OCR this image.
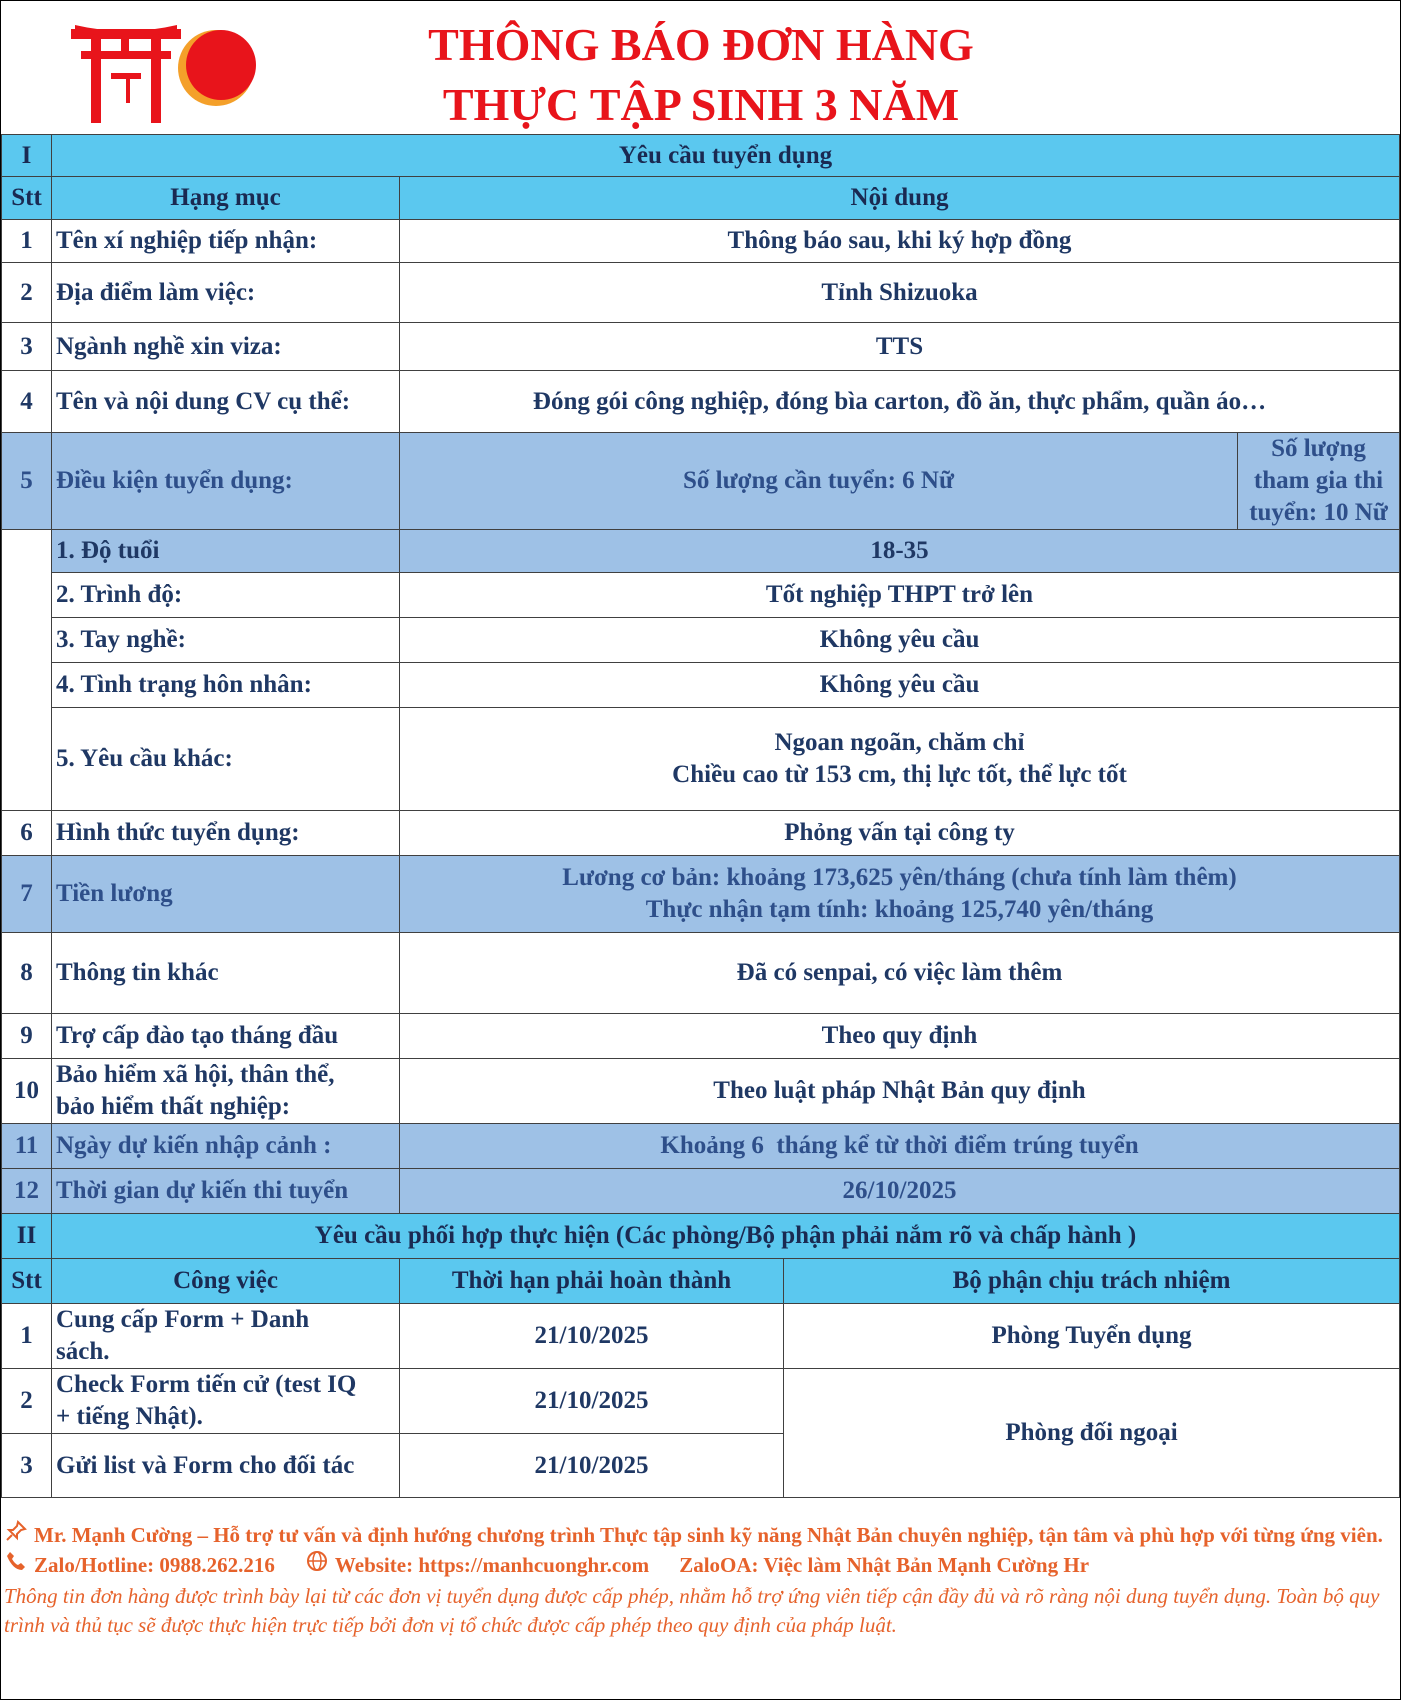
THÔNG BÁO ĐƠN HÀNG
THỰC TẬP SINH 3 NĂM
I	Yêu cầu tuyển dụng			
Stt	Hạng mục	Nội dung		
1	Tên xí nghiệp tiếp nhận:	Thông báo sau, khi ký hợp đồng		
2	Địa điểm làm việc:	Tỉnh Shizuoka		
3	Ngành nghề xin viza:	TTS		
4	Tên và nội dung CV cụ thể:	Đóng gói công nghiệp, đóng bìa carton, đồ ăn, thực phẩm, quần áo…		
5	Điều kiện tuyển dụng:	Số lượng cần tuyển: 6 Nữ		Số lượng tham gia thi tuyển: 10 Nữ
	1. Độ tuổi	18-35		
	2. Trình độ:	Tốt nghiệp THPT trở lên		
	3. Tay nghề:	Không yêu cầu		
	4. Tình trạng hôn nhân:	Không yêu cầu		
	5. Yêu cầu khác:	Ngoan ngoãn, chăm chỉ
Chiều cao từ 153 cm, thị lực tốt, thể lực tốt		

6	Hình thức tuyển dụng:	Phỏng vấn tại công ty		
7	Tiền lương	Lương cơ bản: khoảng 173,625 yên/tháng (chưa tính làm thêm)
Thực nhận tạm tính: khoảng 125,740 yên/tháng		

8	Thông tin khác	Đã có senpai, có việc làm thêm		
9	Trợ cấp đào tạo tháng đầu	Theo quy định		
10	Bảo hiểm xã hội, thân thể,
bảo hiểm thất nghiệp:	Theo luật pháp Nhật Bản quy định		
11	Ngày dự kiến nhập cảnh :	Khoảng 6  tháng kể từ thời điểm trúng tuyển		
12	Thời gian dự kiến thi tuyển	26/10/2025		
II	Yêu cầu phối hợp thực hiện (Các phòng/Bộ phận phải nắm rõ và chấp hành )			
Stt	Công việc	Thời hạn phải hoàn thành	Bộ phận chịu trách nhiệm	
1	Cung cấp Form + Danh
sách.	21/10/2025	Phòng Tuyển dụng	
2	Check Form tiến cử (test IQ
+ tiếng Nhật).	21/10/2025	Phòng đối ngoại	
3	Gửi list và Form cho đối tác	21/10/2025		
Mr. Mạnh Cường – Hỗ trợ tư vấn và định hướng chương trình Thực tập sinh kỹ năng Nhật Bản chuyên nghiệp, tận tâm và phù hợp với từng ứng viên.
Zalo/Hotline: 0988.262.216	Website: https://manhcuonghr.com ZaloOA: Việc làm Nhật Bản Mạnh Cường Hr
Thông tin đơn hàng được trình bày lại từ các đơn vị tuyển dụng được cấp phép, nhằm hỗ trợ ứng viên tiếp cận đầy đủ và rõ ràng nội dung tuyển dụng. Toàn bộ quy trình và thủ tục sẽ được thực hiện trực tiếp bởi đơn vị tổ chức được cấp phép theo quy định của pháp luật.
